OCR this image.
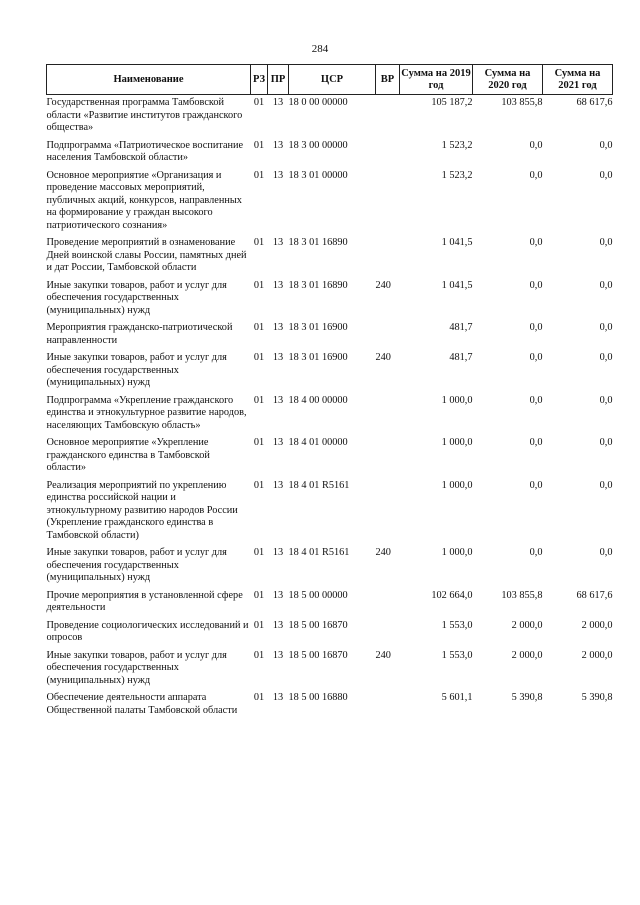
284
Наименование	РЗ	ПР	ЦСР	ВР	Сумма на 2019 год	Сумма на 2020 год	Сумма на 2021 год
Государственная программа Тамбовской области «Развитие институтов гражданского общества»	01	13	18 0 00 00000		105 187,2	103 855,8	68 617,6
Подпрограмма «Патриотическое воспитание населения Тамбовской области»	01	13	18 3 00 00000		1 523,2	0,0	0,0
Основное мероприятие «Организация и проведение массовых мероприятий, публичных акций, конкурсов, направленных на формирование у граждан высокого патриотического сознания»	01	13	18 3 01 00000		1 523,2	0,0	0,0
Проведение мероприятий в ознаменование Дней воинской славы России, памятных дней и дат России, Тамбовской области	01	13	18 3 01 16890		1 041,5	0,0	0,0
Иные закупки товаров, работ и услуг для обеспечения государственных (муниципальных) нужд	01	13	18 3 01 16890	240	1 041,5	0,0	0,0
Мероприятия гражданско-патриотической направленности	01	13	18 3 01 16900		481,7	0,0	0,0
Иные закупки товаров, работ и услуг для обеспечения государственных (муниципальных) нужд	01	13	18 3 01 16900	240	481,7	0,0	0,0
Подпрограмма «Укрепление гражданского единства и этнокультурное развитие народов, населяющих Тамбовскую область»	01	13	18 4 00 00000		1 000,0	0,0	0,0
Основное мероприятие «Укрепление гражданского единства в Тамбовской области»	01	13	18 4 01 00000		1 000,0	0,0	0,0
Реализация мероприятий по укреплению единства российской нации и этнокультурному развитию народов России (Укрепление гражданского единства в Тамбовской области)	01	13	18 4 01 R5161		1 000,0	0,0	0,0
Иные закупки товаров, работ и услуг для обеспечения государственных (муниципальных) нужд	01	13	18 4 01 R5161	240	1 000,0	0,0	0,0
Прочие мероприятия в установленной сфере деятельности	01	13	18 5 00 00000		102 664,0	103 855,8	68 617,6
Проведение социологических исследований и опросов	01	13	18 5 00 16870		1 553,0	2 000,0	2 000,0
Иные закупки товаров, работ и услуг для обеспечения государственных (муниципальных) нужд	01	13	18 5 00 16870	240	1 553,0	2 000,0	2 000,0
Обеспечение деятельности аппарата Общественной палаты Тамбовской области	01	13	18 5 00 16880		5 601,1	5 390,8	5 390,8
